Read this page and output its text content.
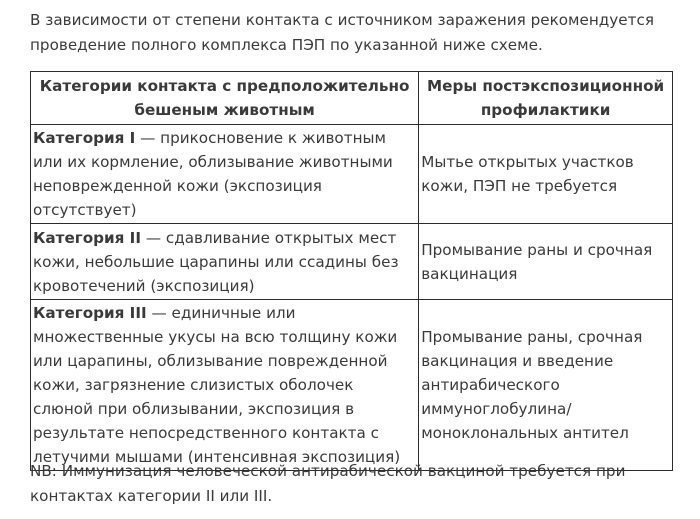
В зависимости от степени контакта с источником заражения рекомендуется проведение полного комплекса ПЭП по указанной ниже схеме.

Категории контакта с предположительно бешеным животным	Меры постэкспозиционной профилактики
Категория I — прикосновение к животным или их кормление, облизывание животными неповрежденной кожи (экспозиция отсутствует)	Мытье открытых участков кожи, ПЭП не требуется
Категория II — сдавливание открытых мест кожи, небольшие царапины или ссадины без кровотечений (экспозиция)	Промывание раны и срочная вакцинация
Категория III — единичные или множественные укусы на всю толщину кожи или царапины, облизывание поврежденной кожи, загрязнение слизистых оболочек слюной при облизывании, экспозиция в результате непосредственного контакта с летучими мышами (интенсивная экспозиция)	Промывание раны, срочная вакцинация и введение антирабического иммуноглобулина/ моноклональных антител

NB: Иммунизация человеческой антирабической вакциной требуется при контактах категории II или III.
